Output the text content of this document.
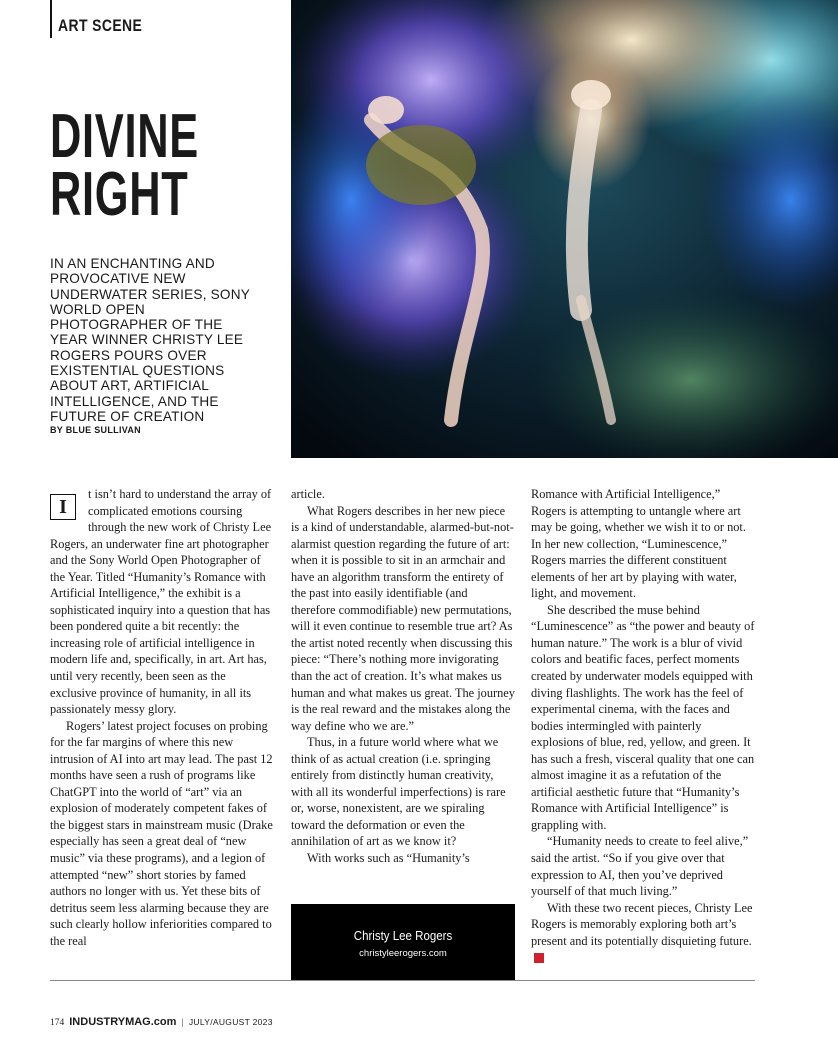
ART SCENE
DIVINE
RIGHT
IN AN ENCHANTING AND PROVOCATIVE NEW UNDERWATER SERIES, SONY WORLD OPEN PHOTOGRAPHER OF THE YEAR WINNER CHRISTY LEE ROGERS POURS OVER EXISTENTIAL QUESTIONS ABOUT ART, ARTIFICIAL INTELLIGENCE, AND THE FUTURE OF CREATION
BY BLUE SULLIVAN
I

t isn’t hard to understand the array of complicated emotions coursing through the new work of Christy Lee Rogers, an underwater fine art photographer and the Sony World Open Photographer of the Year. Titled “Humanity’s Romance with Artificial Intelligence,” the exhibit is a sophisticated inquiry into a question that has been pondered quite a bit recently: the increasing role of artificial intelligence in modern life and, specifically, in art. Art has, until very recently, been seen as the exclusive province of humanity, in all its passionately messy glory.

Rogers’ latest project focuses on probing for the far margins of where this new intrusion of AI into art may lead. The past 12 months have seen a rush of programs like ChatGPT into the world of “art” via an explosion of moderately competent fakes of the biggest stars in mainstream music (Drake especially has seen a great deal of “new music” via these programs), and a legion of attempted “new” short stories by famed authors no longer with us. Yet these bits of detritus seem less alarming because they are such clearly hollow inferiorities compared to the real

article.

What Rogers describes in her new piece is a kind of understandable, alarmed-but-not-alarmist question regarding the future of art: when it is possible to sit in an armchair and have an algorithm transform the entirety of the past into easily identifiable (and therefore commodifiable) new permutations, will it even continue to resemble true art? As the artist noted recently when discussing this piece: “There’s nothing more invigorating than the act of creation. It’s what makes us human and what makes us great. The journey is the real reward and the mistakes along the way define who we are.”

Thus, in a future world where what we think of as actual creation (i.e. springing entirely from distinctly human creativity, with all its wonderful imperfections) is rare or, worse, nonexistent, are we spiraling toward the deformation or even the annihilation of art as we know it?

With works such as “Humanity’s

Christy Lee Rogers
christyleerogers.com

Romance with Artificial Intelligence,” Rogers is attempting to untangle where art may be going, whether we wish it to or not. In her new collection, “Luminescence,” Rogers marries the different constituent elements of her art by playing with water, light, and movement.

She described the muse behind “Luminescence” as “the power and beauty of human nature.” The work is a blur of vivid colors and beatific faces, perfect moments created by underwater models equipped with diving flashlights. The work has the feel of experimental cinema, with the faces and bodies intermingled with painterly explosions of blue, red, yellow, and green. It has such a fresh, visceral quality that one can almost imagine it as a refutation of the artificial aesthetic future that “Humanity’s Romance with Artificial Intelligence” is grappling with.

“Humanity needs to create to feel alive,” said the artist. “So if you give over that expression to AI, then you’ve deprived yourself of that much living.”

With these two recent pieces, Christy Lee Rogers is memorably exploring both art’s present and its potentially disquieting future.I

174 INDUSTRYMAG.com | JULY/AUGUST 2023
